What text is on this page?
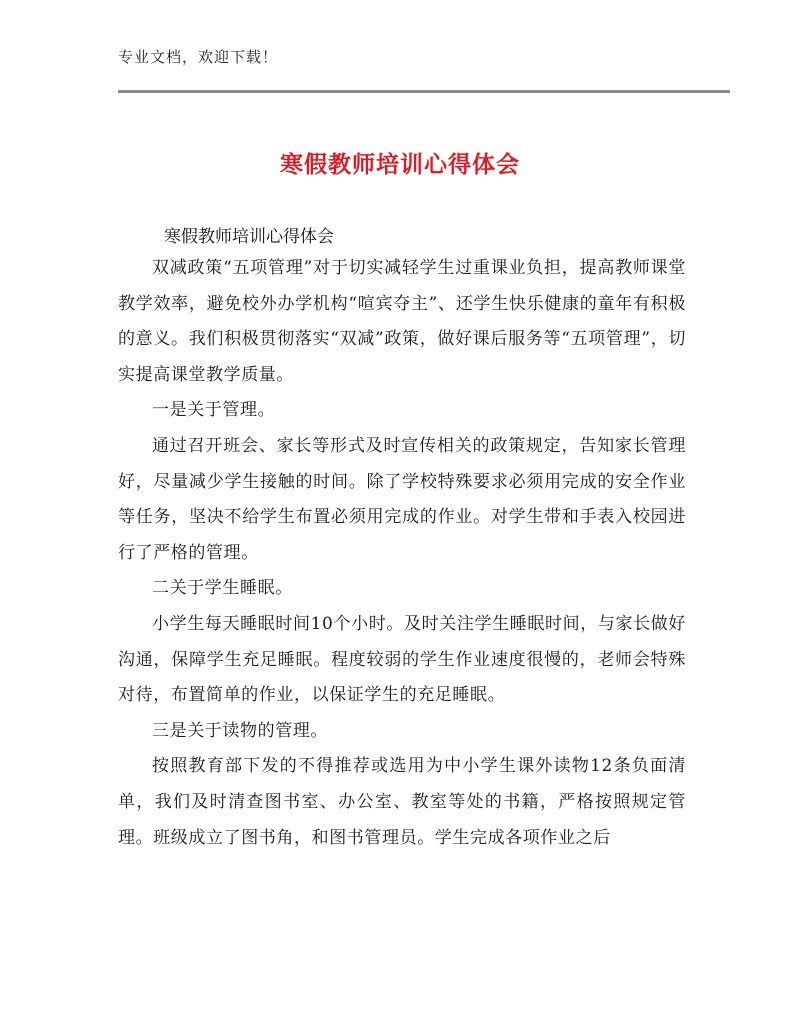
专业文档，欢迎下载！
寒假教师培训心得体会
寒假教师培训心得体会

双减政策“五项管理”对于切实减轻学生过重课业负担，提高教师课堂教学效率，避免校外办学机构“喧宾夺主”、还学生快乐健康的童年有积极的意义。我们积极贯彻落实“双减”政策，做好课后服务等“五项管理”，切实提高课堂教学质量。

一是关于管理。

通过召开班会、家长等形式及时宣传相关的政策规定，告知家长管理好，尽量减少学生接触的时间。除了学校特殊要求必须用完成的安全作业等任务，坚决不给学生布置必须用完成的作业。对学生带和手表入校园进行了严格的管理。

二关于学生睡眠。

小学生每天睡眠时间10个小时。及时关注学生睡眠时间，与家长做好沟通，保障学生充足睡眠。程度较弱的学生作业速度很慢的，老师会特殊对待，布置简单的作业，以保证学生的充足睡眠。

三是关于读物的管理。

按照教育部下发的不得推荐或选用为中小学生课外读物12条负面清单，我们及时清查图书室、办公室、教室等处的书籍，严格按照规定管理。班级成立了图书角，和图书管理员。学生完成各项作业之后
